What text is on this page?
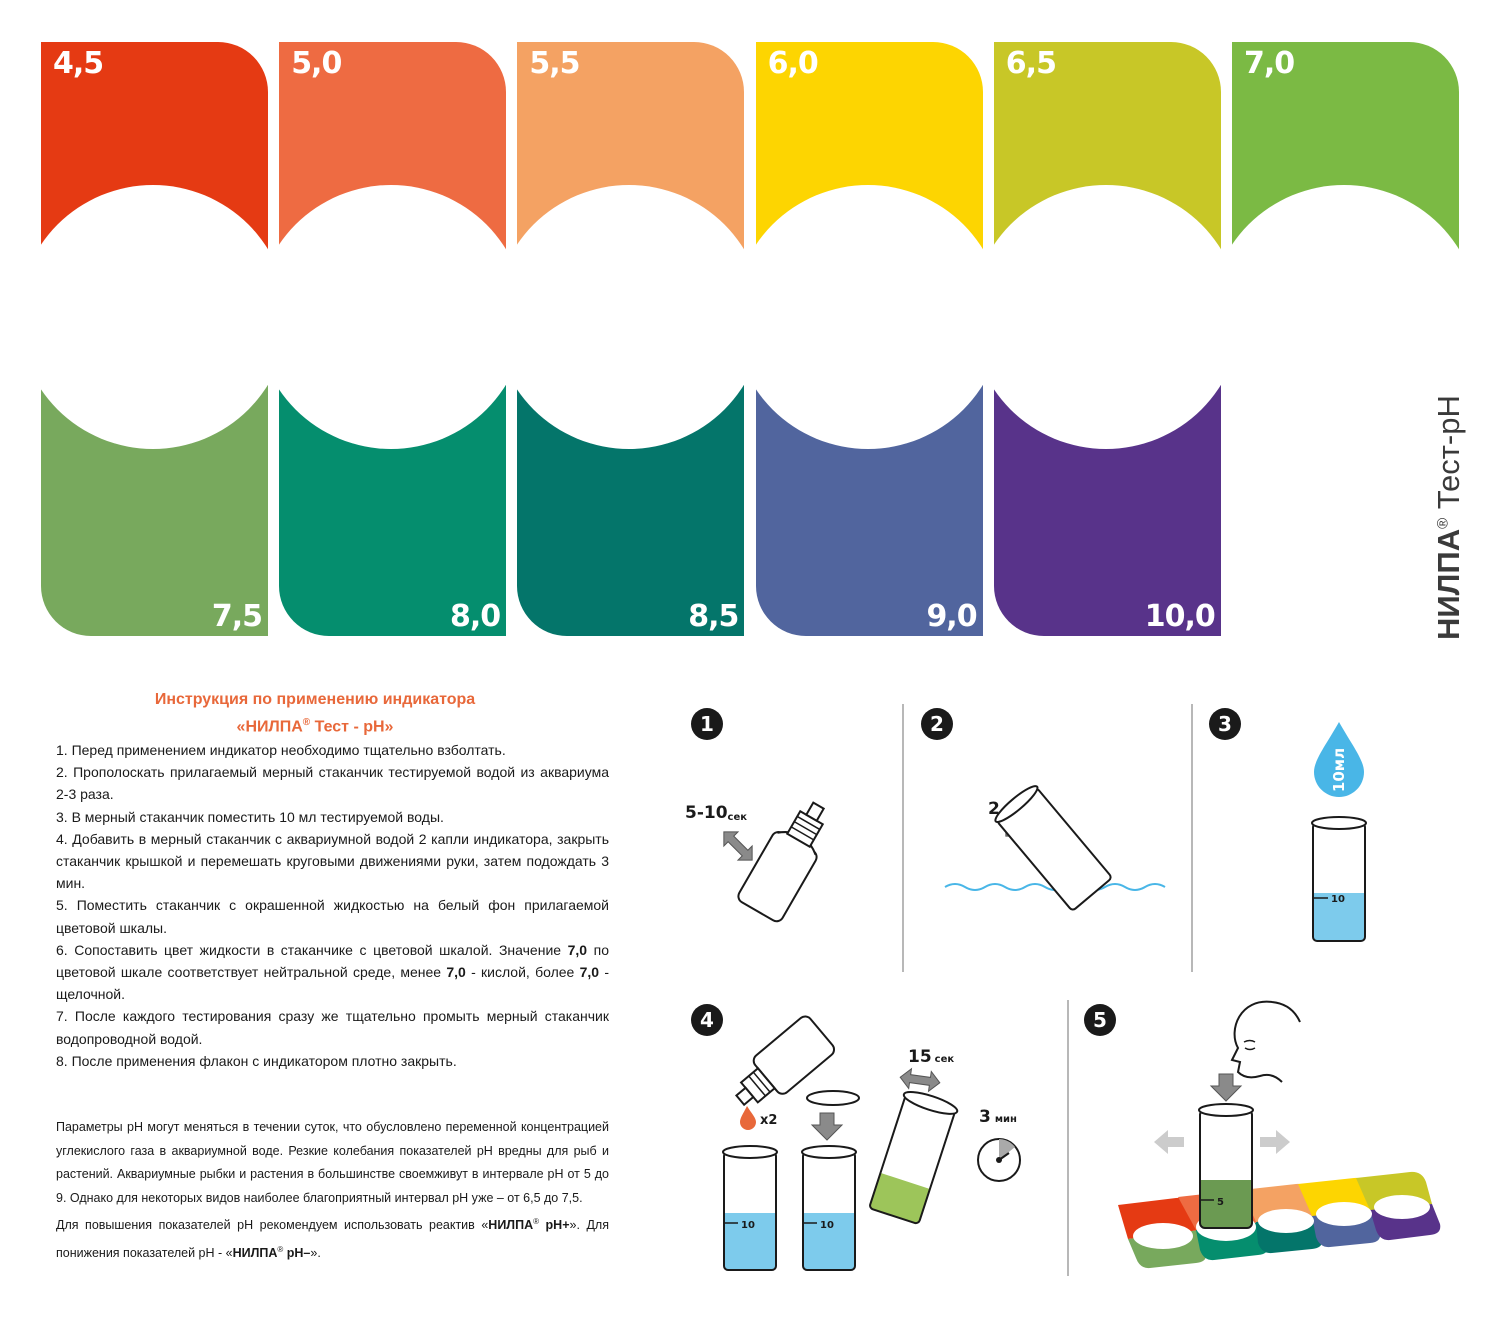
4,5	5,0	5,5	6,0	6,5	7,0
7,5	8,0	8,5	9,0	10,0	НИЛПА® Тест-pH
Инструкция по применению индикатора
«НИЛПА® Тест - pH»

1. Перед применением индикатор необходимо тщательно взболтать.

2. Прополоскать прилагаемый мерный стаканчик тестируемой водой из аквариума 2-3 раза.

3. В мерный стаканчик поместить 10 мл тестируемой воды.

4. Добавить в мерный стаканчик с аквариумной водой 2 капли индикатора, закрыть стаканчик крышкой и перемешать круговыми движениями руки, затем подождать 3 мин.

5. Поместить стаканчик с окрашенной жидкостью на белый фон прилагаемой цветовой шкалы.

6. Сопоставить цвет жидкости в стаканчике с цветовой шкалой. Значение 7,0 по цветовой шкале соответствует нейтральной среде, менее 7,0 - кислой, более 7,0 - щелочной.

7. После каждого тестирования сразу же тщательно промыть мерный стаканчик водопроводной водой.

8. После применения флакон с индикатором плотно закрыть.

Параметры pH могут меняться в течении суток, что обусловлено переменной концентрацией углекислого газа в аквариумной воде. Резкие колебания показателей pH вредны для рыб и растений. Аквариумные рыбки и растения в большинстве своемживут в интервале pH от 5 до 9. Однако для некоторых видов наиболее благоприятный интервал pH уже – от 6,5 до 7,5.

Для повышения показателей pH рекомендуем использовать реактив «НИЛПА® pH+». Для понижения показателей pH - «НИЛПА® pH–».

1
5-10сек
2
2
3
10мл
10
4
x2
10	10
15 сек
3 мин
5
5
